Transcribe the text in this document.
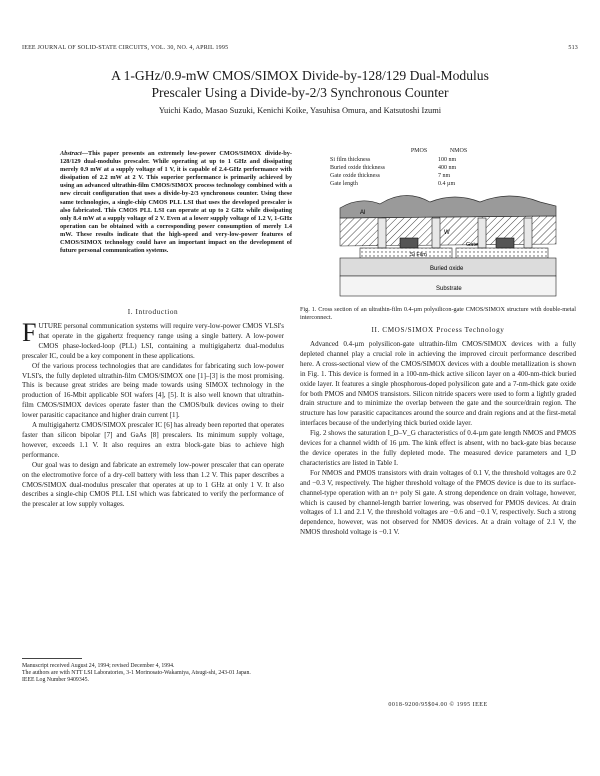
IEEE JOURNAL OF SOLID-STATE CIRCUITS, VOL. 30, NO. 4, APRIL 1995	513
A 1-GHz/0.9-mW CMOS/SIMOX Divide-by-128/129 Dual-Modulus
Prescaler Using a Divide-by-2/3 Synchronous Counter
Yuichi Kado, Masao Suzuki, Kenichi Koike, Yasuhisa Omura, and Katsutoshi Izumi
Abstract—This paper presents an extremely low-power CMOS/SIMOX divide-by-128/129 dual-modulus prescaler. While operating at up to 1 GHz and dissipating merely 0.9 mW at a supply voltage of 1 V, it is capable of 2.4-GHz performance with dissipation of 2.2 mW at 2 V. This superior performance is primarily achieved by using an advanced ultrathin-film CMOS/SIMOX process technology combined with a new circuit configuration that uses a divide-by-2/3 synchronous counter. Using these same technologies, a single-chip CMOS PLL LSI that uses the developed prescaler is also fabricated. This CMOS PLL LSI can operate at up to 2 GHz while dissipating only 8.4 mW at a supply voltage of 2 V. Even at a lower supply voltage of 1.2 V, 1-GHz operation can be obtained with a corresponding power consumption of merely 1.4 mW. These results indicate that the high-speed and very-low-power features of CMOS/SIMOX technology could have an important impact on the development of future personal communication systems.
Al
W
Si Film
Gate
Buried oxide
Substrate
PMOS	NMOS
Si film thickness	100 nm
Buried oxide thickness	400 nm
Gate oxide thickness	7 nm
Gate length	0.4 µm
Fig. 1. Cross section of an ultrathin-film 0.4-µm polysilicon-gate CMOS/SIMOX structure with double-metal interconnect.
I. Introduction
II. CMOS/SIMOX Process Technology

FUTURE personal communication systems will require very-low-power CMOS VLSI's that operate in the gigahertz frequency range using a single battery. A low-power CMOS phase-locked-loop (PLL) LSI, containing a multigigahertz dual-modulus prescaler IC, could be a key component in these applications.

Of the various process technologies that are candidates for fabricating such low-power VLSI's, the fully depleted ultrathin-film CMOS/SIMOX one [1]–[3] is the most promising. This is because great strides are being made towards using SIMOX technology in the production of 16-Mbit applicable SOI wafers [4], [5]. It is also well known that ultrathin-film CMOS/SIMOX devices operate faster than the CMOS/bulk devices owing to their lower parasitic capacitance and higher drain current [1].

A multigigahertz CMOS/SIMOX prescaler IC [6] has already been reported that operates faster than silicon bipolar [7] and GaAs [8] prescalers. Its minimum supply voltage, however, exceeds 1.1 V. It also requires an extra block-gate bias to achieve high performance.

Our goal was to design and fabricate an extremely low-power prescaler that can operate on the electromotive force of a dry-cell battery with less than 1.2 V. This paper describes a CMOS/SIMOX dual-modulus prescaler that operates at up to 1 GHz at only 1 V. It also describes a single-chip CMOS PLL LSI which was fabricated to verify the performance of the prescaler at low supply voltages.

Manuscript received August 24, 1994; revised December 4, 1994.

The authors are with NTT LSI Laboratories, 3-1 Morinosato-Wakamiya, Atsugi-shi, 243-01 Japan.

IEEE Log Number 9409345.

Advanced 0.4-µm polysilicon-gate ultrathin-film CMOS/SIMOX devices with a fully depleted channel play a crucial role in achieving the improved circuit performance described here. A cross-sectional view of the CMOS/SIMOX devices with a double metallization is shown in Fig. 1. This device is formed in a 100-nm-thick active silicon layer on a 400-nm-thick buried oxide layer. It features a single phosphorous-doped polysilicon gate and a 7-nm-thick gate oxide for both PMOS and NMOS transistors. Silicon nitride spacers were used to form a lightly graded drain structure and to minimize the overlap between the gate and the source/drain region. The structure has low parasitic capacitances around the source and drain regions and at the first-metal interfaces because of the underlying thick buried oxide layer.

Fig. 2 shows the saturation I_D–V_G characteristics of 0.4-µm gate length NMOS and PMOS devices for a channel width of 16 µm. The kink effect is absent, with no back-gate bias because the device operates in the fully depleted mode. The measured device parameters and I_D characteristics are listed in Table I.

For NMOS and PMOS transistors with drain voltages of 0.1 V, the threshold voltages are 0.2 and −0.3 V, respectively. The higher threshold voltage of the PMOS device is due to its surface-channel-type operation with an n+ poly Si gate. A strong dependence on drain voltage, however, which is caused by channel-length barrier lowering, was observed for PMOS devices. At drain voltages of 1.1 and 2.1 V, the threshold voltages are −0.6 and −0.1 V, respectively. Such a strong dependence, however, was not observed for NMOS devices. At a drain voltage of 2.1 V, the NMOS threshold voltage is −0.1 V.

0018-9200/95$04.00 © 1995 IEEE
